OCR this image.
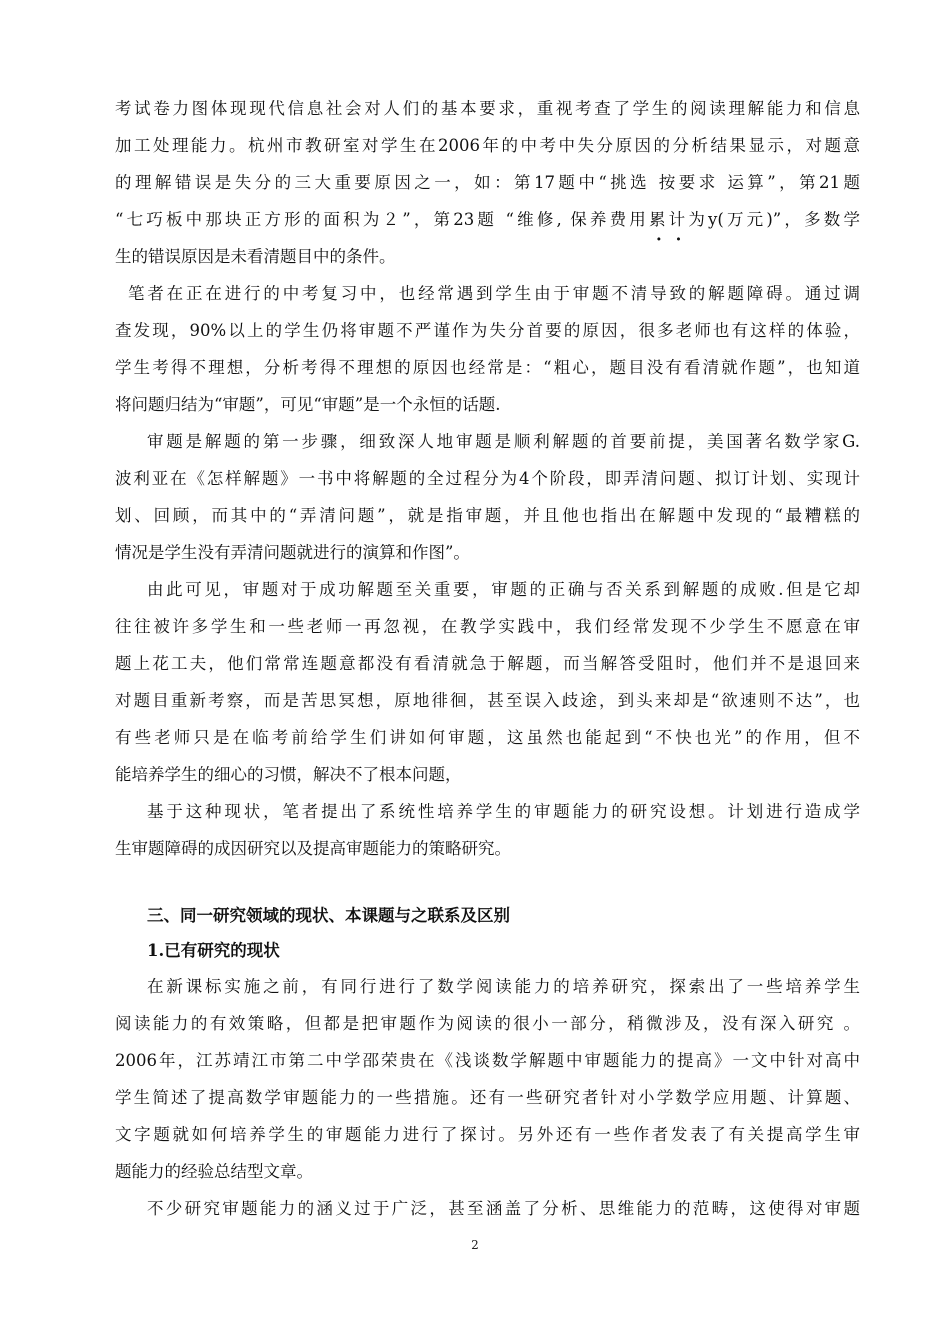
考试卷力图体现现代信息社会对人们的基本要求，重视考查了学生的阅读理解能力和信息
加工处理能力。杭州市教研室对学生在2006年的中考中失分原因的分析结果显示，对题意
的理解错误是失分的三大重要原因之一，如：第17题中“挑选 按要求 运算”，第21题
“七巧板中那块正方形的面积为２”，第23题 “维修, 保养费用累计为y(万元)”，多数学
生的错误原因是未看清题目中的条件。
笔者在正在进行的中考复习中，也经常遇到学生由于审题不清导致的解题障碍。通过调
查发现，90%以上的学生仍将审题不严谨作为失分首要的原因，很多老师也有这样的体验，
学生考得不理想，分析考得不理想的原因也经常是：“粗心，题目没有看清就作题”，也知道
将问题归结为“审题”，可见“审题”是一个永恒的话题.
审题是解题的第一步骤，细致深人地审题是顺利解题的首要前提，美国著名数学家G.
波利亚在《怎样解题》一书中将解题的全过程分为4个阶段，即弄清问题、拟订计划、实现计
划、回顾，而其中的“弄清问题”，就是指审题，并且他也指出在解题中发现的“最糟糕的
情况是学生没有弄清问题就进行的演算和作图”。
由此可见，审题对于成功解题至关重要，审题的正确与否关系到解题的成败.但是它却
往往被许多学生和一些老师一再忽视，在教学实践中，我们经常发现不少学生不愿意在审
题上花工夫，他们常常连题意都没有看清就急于解题，而当解答受阻时，他们并不是退回来
对题目重新考察，而是苦思冥想，原地徘徊，甚至误入歧途，到头来却是“欲速则不达”，也
有些老师只是在临考前给学生们讲如何审题，这虽然也能起到“不快也光”的作用，但不
能培养学生的细心的习惯，解决不了根本问题，
基于这种现状，笔者提出了系统性培养学生的审题能力的研究设想。计划进行造成学
生审题障碍的成因研究以及提高审题能力的策略研究。
三、同一研究领域的现状、本课题与之联系及区别
1.已有研究的现状
在新课标实施之前，有同行进行了数学阅读能力的培养研究，探索出了一些培养学生
阅读能力的有效策略，但都是把审题作为阅读的很小一部分，稍微涉及，没有深入研究 。
2006年，江苏靖江市第二中学邵荣贵在《浅谈数学解题中审题能力的提高》一文中针对高中
学生简述了提高数学审题能力的一些措施。还有一些研究者针对小学数学应用题、计算题、
文字题就如何培养学生的审题能力进行了探讨。另外还有一些作者发表了有关提高学生审
题能力的经验总结型文章。
不少研究审题能力的涵义过于广泛，甚至涵盖了分析、思维能力的范畴，这使得对审题
2
